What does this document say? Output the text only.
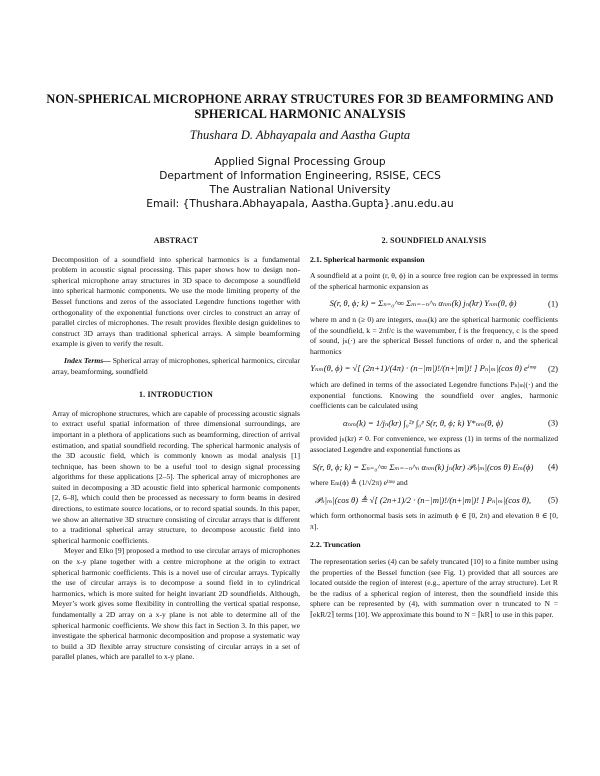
NON-SPHERICAL MICROPHONE ARRAY STRUCTURES FOR 3D BEAMFORMING AND SPHERICAL HARMONIC ANALYSIS
Thushara D. Abhayapala and Aastha Gupta
Applied Signal Processing Group
Department of Information Engineering, RSISE, CECS
The Australian National University
Email: {Thushara.Abhayapala, Aastha.Gupta}.anu.edu.au
ABSTRACT

Decomposition of a soundfield into spherical harmonics is a fundamental problem in acoustic signal processing. This paper shows how to design non-spherical microphone array structures in 3D space to decompose a soundfield into spherical harmonic components. We use the mode limiting property of the Bessel functions and zeros of the associated Legendre functions together with orthogonality of the exponential functions over circles to construct an array of parallel circles of microphones. The result provides flexible design guidelines to construct 3D arrays than traditional spherical arrays. A simple beamforming example is given to verify the result.

Index Terms— Spherical array of microphones, spherical harmonics, circular array, beamforming, soundfield

1. INTRODUCTION

Array of microphone structures, which are capable of processing acoustic signals to extract useful spatial information of three dimensional surroundings, are important in a plethora of applications such as beamforming, direction of arrival estimation, and spatial soundfield recording. The spherical harmonic analysis of the 3D acoustic field, which is commonly known as modal analysis [1] technique, has been shown to be a useful tool to design signal processing algorithms for these applications [2–5]. The spherical array of microphones are suited in decomposing a 3D acoustic field into spherical harmonic components [2, 6–8], which could then be processed as necessary to form beams in desired directions, to estimate source locations, or to record spatial sounds. In this paper, we show an alternative 3D structure consisting of circular arrays that is different to a traditional spherical array structure, to decompose acoustic field into spherical harmonic coefficients.

Meyer and Elko [9] proposed a method to use circular arrays of microphones on the x-y plane together with a centre microphone at the origin to extract spherical harmonic coefficients. This is a novel use of circular arrays. Typically the use of circular arrays is to decompose a sound field in to cylindrical harmonics, which is more suited for height invariant 2D soundfields. Although, Meyer’s work gives some flexibility in controlling the vertical spatial response, fundamentally a 2D array on a x-y plane is not able to determine all of the spherical harmonic coefficients. We show this fact in Section 3. In this paper, we investigate the spherical harmonic decomposition and propose a systematic way to build a 3D flexible array structure consisting of circular arrays in a set of parallel planes, which are parallel to x-y plane.

2. SOUNDFIELD ANALYSIS
2.1. Spherical harmonic expansion

A soundfield at a point (r, θ, ϕ) in a source free region can be expressed in terms of the spherical harmonic expansion as

S(r, θ, ϕ; k) = Σₙ₌₀^∞ Σₘ₌₋ₙ^ₙ αₙₘ(k) jₙ(kr) Yₙₘ(θ, ϕ)	(1)

where m and n (≥ 0) are integers, αₙₘ(k) are the spherical harmonic coefficients of the soundfield, k = 2πf/c is the wavenumber, f is the frequency, c is the speed of sound, jₙ(·) are the spherical Bessel functions of order n, and the spherical harmonics

Yₙₘ(θ, ϕ) = √[ (2n+1)/(4π) · (n−|m|)!/(n+|m|)! ] Pₙ|ₘ|(cos θ) eⁱᵐᵠ (2)

which are defined in terms of the associated Legendre functions Pₙ|ₘ|(·) and the exponential functions. Knowing the soundfield over angles, harmonic coefficients can be calculated using

αₙₘ(k) = 1/jₙ(kr) ∫₀²ᵖ ∫₀ᵖ S(r, θ, ϕ; k) Y*ₙₘ(θ, ϕ)	(3)

provided jₙ(kr) ≠ 0. For convenience, we express (1) in terms of the normalized associated Legendre and exponential functions as

S(r, θ, ϕ; k) = Σₙ₌₀^∞ Σₘ₌₋ₙ^ₙ αₙₘ(k) jₙ(kr) 𝒫ₙ|ₘ|(cos θ) Eₘ(ϕ) (4)

where Eₘ(ϕ) ≜ (1/√2π) eⁱᵐᵠ and

𝒫ₙ|ₘ|(cos θ) ≜ √[ (2n+1)/2 · (n−|m|)!/(n+|m|)! ] Pₙ|ₘ|(cos θ), (5)

which form orthonormal basis sets in azimuth ϕ ∈ [0, 2π) and elevation θ ∈ [0, π].

2.2. Truncation

The representation series (4) can be safely truncated [10] to a finite number using the properties of the Bessel function (see Fig. 1) provided that all sources are located outside the region of interest (e.g., aperture of the array structure). Let R be the radius of a spherical region of interest, then the soundfield inside this sphere can be represented by (4), with summation over n truncated to N = ⌈ekR/2⌉ terms [10]. We approximate this bound to N = ⌈kR⌉ to use in this paper.
